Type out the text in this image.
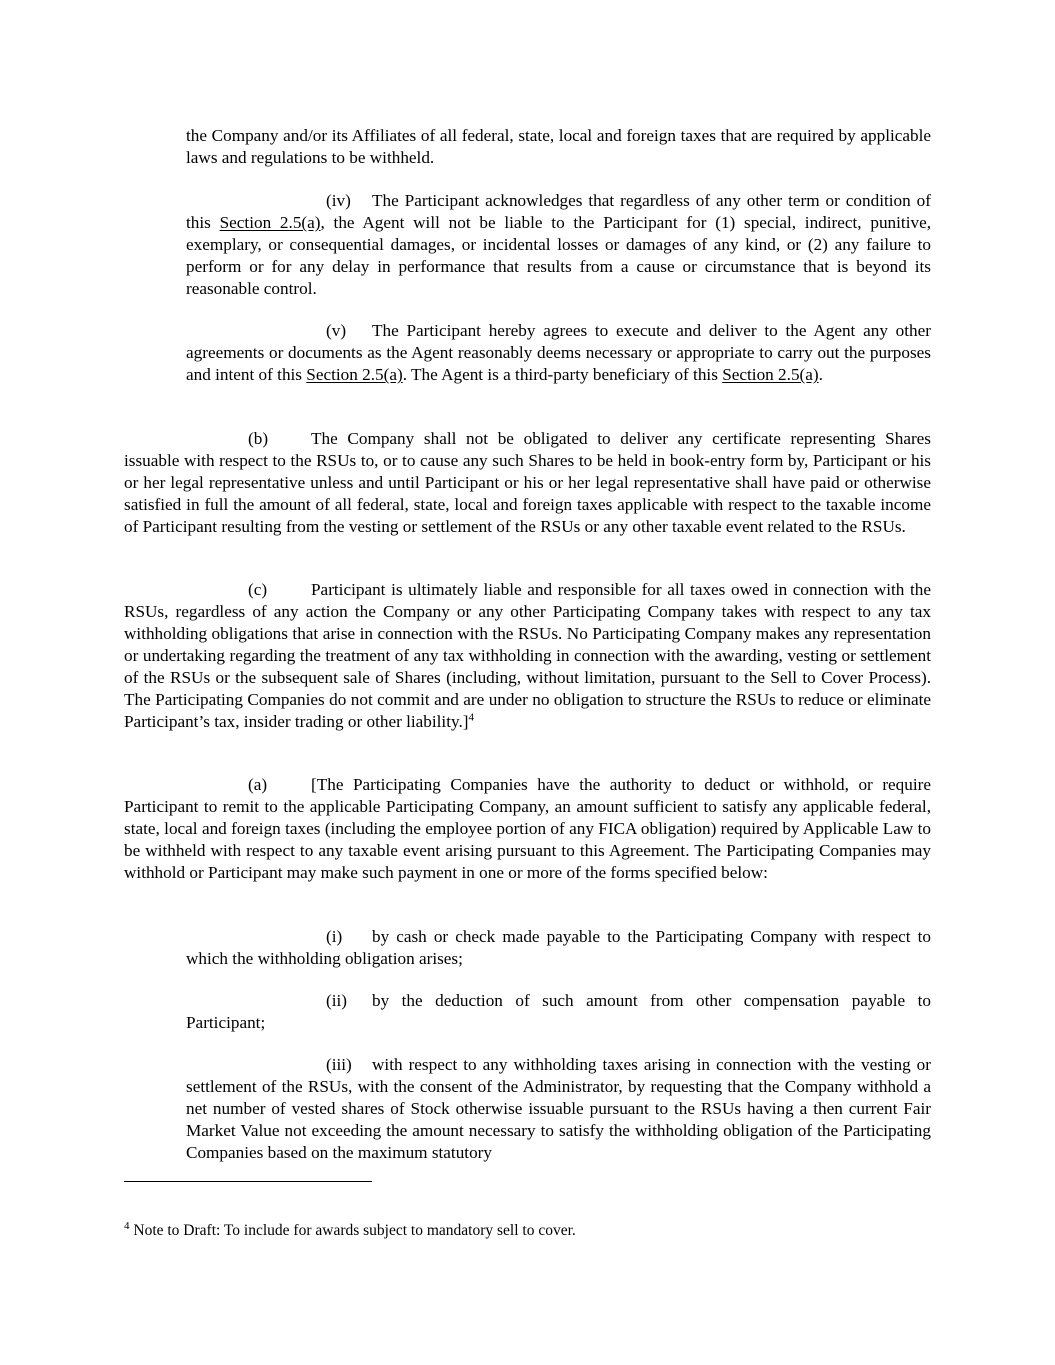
the Company and/or its Affiliates of all federal, state, local and foreign taxes that are required by applicable laws and regulations to be withheld.

(iv) The Participant acknowledges that regardless of any other term or condition of this Section 2.5(a), the Agent will not be liable to the Participant for (1) special, indirect, punitive, exemplary, or consequential damages, or incidental losses or damages of any kind, or (2) any failure to perform or for any delay in performance that results from a cause or circumstance that is beyond its reasonable control.

(v) The Participant hereby agrees to execute and deliver to the Agent any other agreements or documents as the Agent reasonably deems necessary or appropriate to carry out the purposes and intent of this Section 2.5(a). The Agent is a third-party beneficiary of this Section 2.5(a).

(b) The Company shall not be obligated to deliver any certificate representing Shares issuable with respect to the RSUs to, or to cause any such Shares to be held in book-entry form by, Participant or his or her legal representative unless and until Participant or his or her legal representative shall have paid or otherwise satisfied in full the amount of all federal, state, local and foreign taxes applicable with respect to the taxable income of Participant resulting from the vesting or settlement of the RSUs or any other taxable event related to the RSUs.

(c)	Participant is ultimately liable and responsible for all taxes owed in connection with the RSUs, regardless of any action the Company or any other Participating Company takes with respect to any tax withholding obligations that arise in connection with the RSUs. No Participating Company makes any representation or undertaking regarding the treatment of any tax withholding in connection with the awarding, vesting or settlement of the RSUs or the subsequent sale of Shares (including, without limitation, pursuant to the Sell to Cover Process). The Participating Companies do not commit and are under no obligation to structure the RSUs to reduce or eliminate Participant’s tax, insider trading or other liability.]$^4$

(a)	[The Participating Companies have the authority to deduct or withhold, or require Participant to remit to the applicable Participating Company, an amount sufficient to satisfy any applicable federal, state, local and foreign taxes (including the employee portion of any FICA obligation) required by Applicable Law to be withheld with respect to any taxable event arising pursuant to this Agreement. The Participating Companies may withhold or Participant may make such payment in one or more of the forms specified below:

(i) by cash or check made payable to the Participating Company with respect to which the withholding obligation arises;

(ii) by the deduction of such amount from other compensation payable to Participant;

(iii) with respect to any withholding taxes arising in connection with the vesting or settlement of the RSUs, with the consent of the Administrator, by requesting that the Company withhold a net number of vested shares of Stock otherwise issuable pursuant to the RSUs having a then current Fair Market Value not exceeding the amount necessary to satisfy the withholding obligation of the Participating Companies based on the maximum statutory

$^4$ Note to Draft: To include for awards subject to mandatory sell to cover.
